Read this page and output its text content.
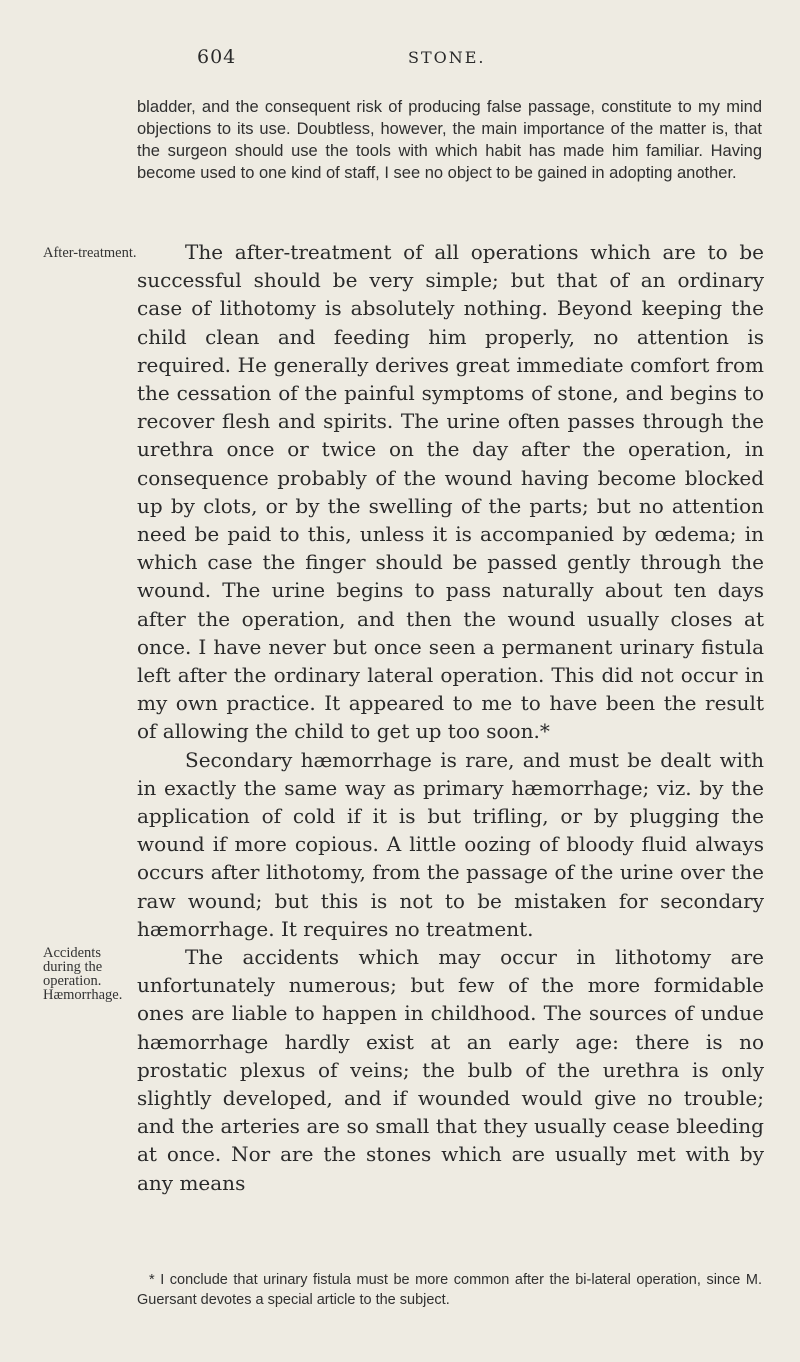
604	STONE.

bladder, and the consequent risk of producing false passage, constitute to my mind objections to its use. Doubtless, however, the main importance of the matter is, that the surgeon should use the tools with which habit has made him familiar. Having become used to one kind of staff, I see no object to be gained in adopting another.

After-treatment.	The after-treatment of all operations which are to be successful should be very simple; but that of an ordinary case of lithotomy is absolutely nothing. Beyond keeping the child clean and feeding him properly, no attention is required. He generally derives great immediate comfort from the cessation of the painful symptoms of stone, and begins to recover flesh and spirits. The urine often passes through the urethra once or twice on the day after the operation, in consequence probably of the wound having become blocked up by clots, or by the swelling of the parts; but no attention need be paid to this, unless it is accompanied by œdema; in which case the finger should be passed gently through the wound. The urine begins to pass naturally about ten days after the operation, and then the wound usually closes at once. I have never but once seen a permanent urinary fistula left after the ordinary lateral operation. This did not occur in my own practice. It appeared to me to have been the result of allowing the child to get up too soon.*

Secondary hæmorrhage is rare, and must be dealt with in exactly the same way as primary hæmorrhage; viz. by the application of cold if it is but trifling, or by plugging the wound if more copious. A little oozing of bloody fluid always occurs after lithotomy, from the passage of the urine over the raw wound; but this is not to be mistaken for secondary hæmorrhage. It requires no treatment.

Accidents during the operation. Hæmorrhage.

The accidents which may occur in lithotomy are unfortunately numerous; but few of the more formidable ones are liable to happen in childhood. The sources of undue hæmorrhage hardly exist at an early age: there is no prostatic plexus of veins; the bulb of the urethra is only slightly developed, and if wounded would give no trouble; and the arteries are so small that they usually cease bleeding at once. Nor are the stones which are usually met with by any means

* I conclude that urinary fistula must be more common after the bi-lateral operation, since M. Guersant devotes a special article to the subject.
